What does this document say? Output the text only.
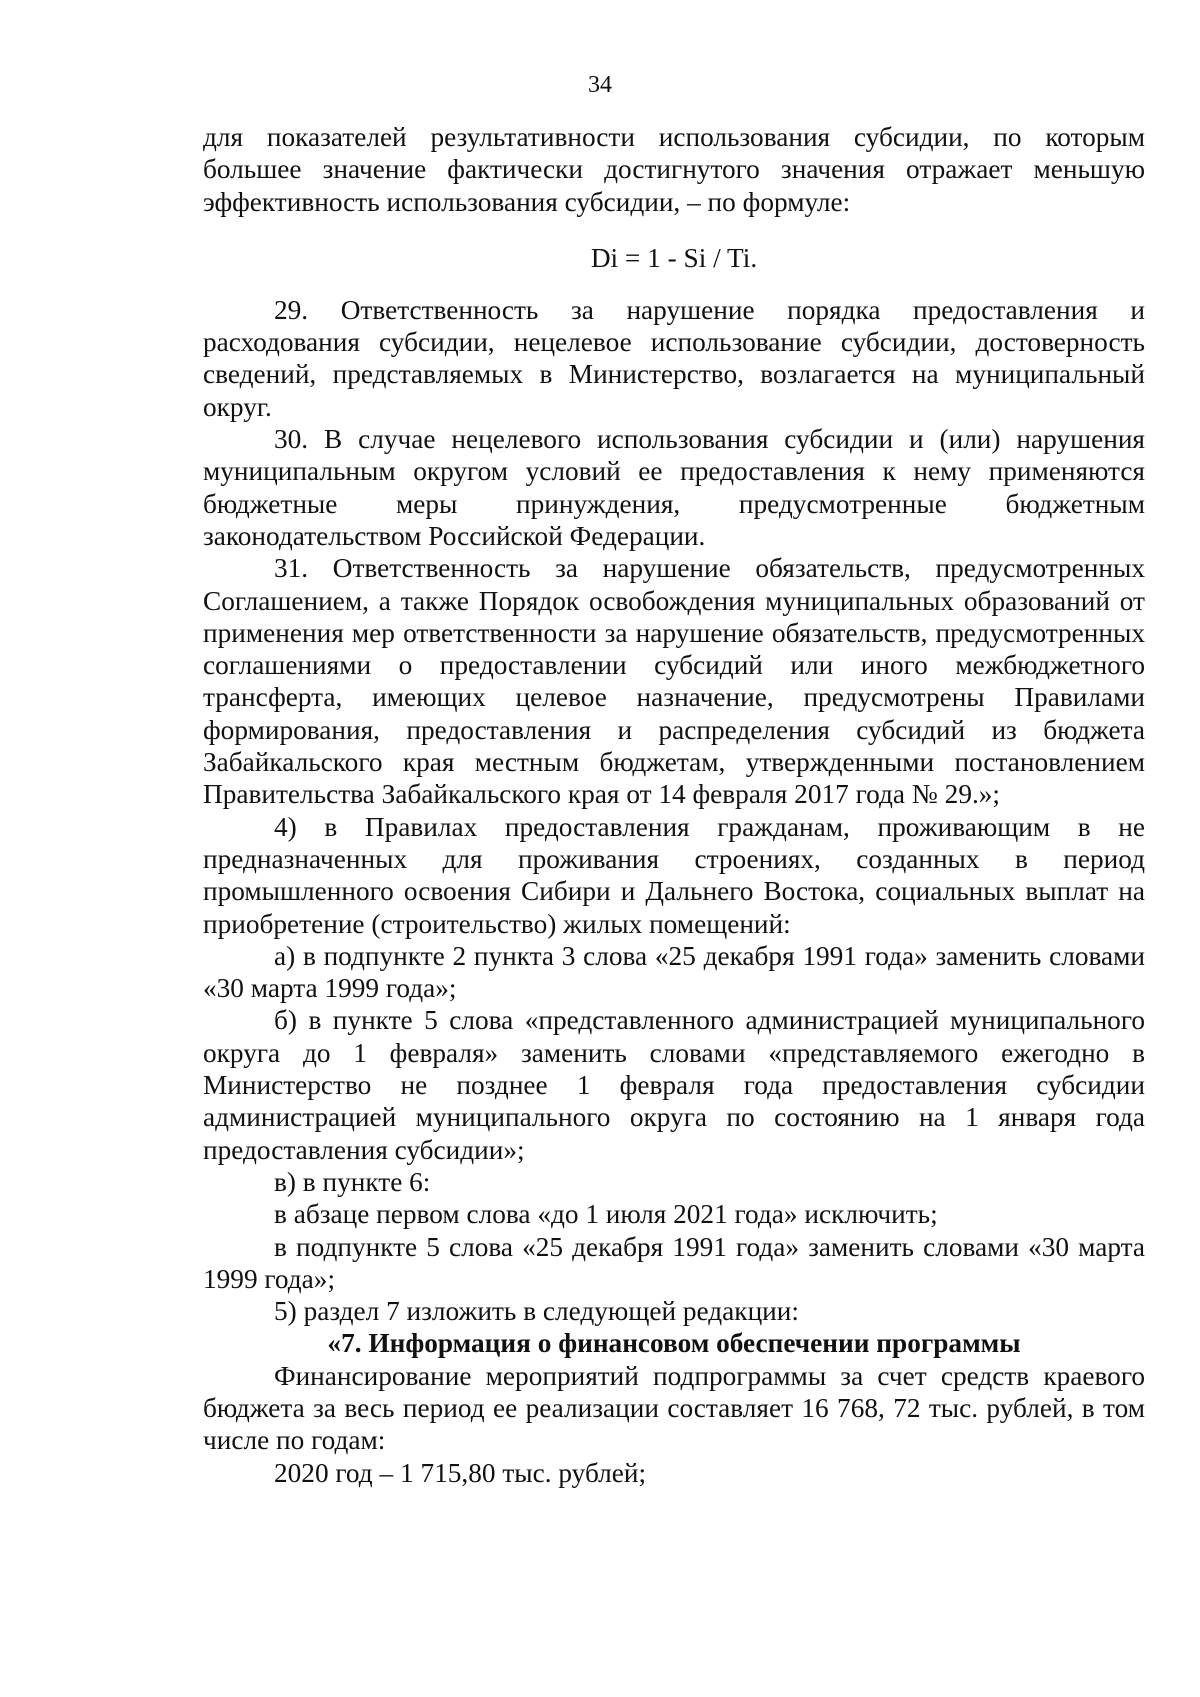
34

для показателей результативности использования субсидии, по которым большее значение фактически достигнутого значения отражает меньшую эффективность использования субсидии, – по формуле:

Di = 1 - Si / Ti.

29. Ответственность за нарушение порядка предоставления и расходования субсидии, нецелевое использование субсидии, достоверность сведений, представляемых в Министерство, возлагается на муниципальный округ.

30. В случае нецелевого использования субсидии и (или) нарушения муниципальным округом условий ее предоставления к нему применяются бюджетные меры принуждения, предусмотренные бюджетным законодательством Российской Федерации.

31. Ответственность за нарушение обязательств, предусмотренных Соглашением, а также Порядок освобождения муниципальных образований от применения мер ответственности за нарушение обязательств, предусмотренных соглашениями о предоставлении субсидий или иного межбюджетного трансферта, имеющих целевое назначение, предусмотрены Правилами формирования, предоставления и распределения субсидий из бюджета Забайкальского края местным бюджетам, утвержденными постановлением Правительства Забайкальского края от 14 февраля 2017 года № 29.»;

4) в Правилах предоставления гражданам, проживающим в не предназначенных для проживания строениях, созданных в период промышленного освоения Сибири и Дальнего Востока, социальных выплат на приобретение (строительство) жилых помещений:

а) в подпункте 2 пункта 3 слова «25 декабря 1991 года» заменить словами «30 марта 1999 года»;

б) в пункте 5 слова «представленного администрацией муниципального округа до 1 февраля» заменить словами «представляемого ежегодно в Министерство не позднее 1 февраля года предоставления субсидии администрацией муниципального округа по состоянию на 1 января года предоставления субсидии»;

в) в пункте 6:

в абзаце первом слова «до 1 июля 2021 года» исключить;

в подпункте 5 слова «25 декабря 1991 года» заменить словами «30 марта 1999 года»;

5) раздел 7 изложить в следующей редакции:

«7. Информация о финансовом обеспечении программы

Финансирование мероприятий подпрограммы за счет средств краевого бюджета за весь период ее реализации составляет 16 768, 72 тыс. рублей, в том числе по годам:

2020 год – 1 715,80 тыс. рублей;
